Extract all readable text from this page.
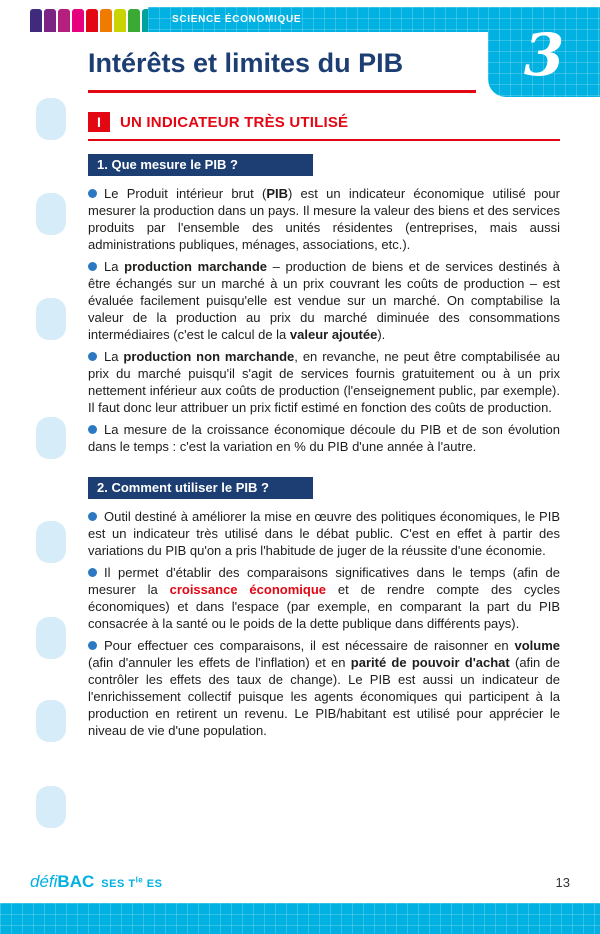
SCIENCE ÉCONOMIQUE
3
Intérêts et limites du PIB
I	UN INDICATEUR TRÈS UTILISÉ
1. Que mesure le PIB ?

Le Produit intérieur brut (PIB) est un indicateur économique utilisé pour mesurer la production dans un pays. Il mesure la valeur des biens et des services produits par l'ensemble des unités résidentes (entreprises, mais aussi administrations publiques, ménages, associations, etc.).

La production marchande – production de biens et de services destinés à être échangés sur un marché à un prix couvrant les coûts de production – est évaluée facilement puisqu'elle est vendue sur un marché. On comptabilise la valeur de la production au prix du marché diminuée des consommations intermédiaires (c'est le calcul de la valeur ajoutée).

La production non marchande, en revanche, ne peut être comptabilisée au prix du marché puisqu'il s'agit de services fournis gratuitement ou à un prix nettement inférieur aux coûts de production (l'enseignement public, par exemple). Il faut donc leur attribuer un prix fictif estimé en fonction des coûts de production.

La mesure de la croissance économique découle du PIB et de son évolution dans le temps : c'est la variation en % du PIB d'une année à l'autre.

2. Comment utiliser le PIB ?

Outil destiné à améliorer la mise en œuvre des politiques économiques, le PIB est un indicateur très utilisé dans le débat public. C'est en effet à partir des variations du PIB qu'on a pris l'habitude de juger de la réussite d'une économie.

Il permet d'établir des comparaisons significatives dans le temps (afin de mesurer la croissance économique et de rendre compte des cycles économiques) et dans l'espace (par exemple, en comparant la part du PIB consacrée à la santé ou le poids de la dette publique dans différents pays).

Pour effectuer ces comparaisons, il est nécessaire de raisonner en volume (afin d'annuler les effets de l'inflation) et en parité de pouvoir d'achat (afin de contrôler les effets des taux de change). Le PIB est aussi un indicateur de l'enrichissement collectif puisque les agents économiques qui participent à la production en retirent un revenu. Le PIB/habitant est utilisé pour apprécier le niveau de vie d'une population.

défiBAC SES $T^{le}$ ES	13
